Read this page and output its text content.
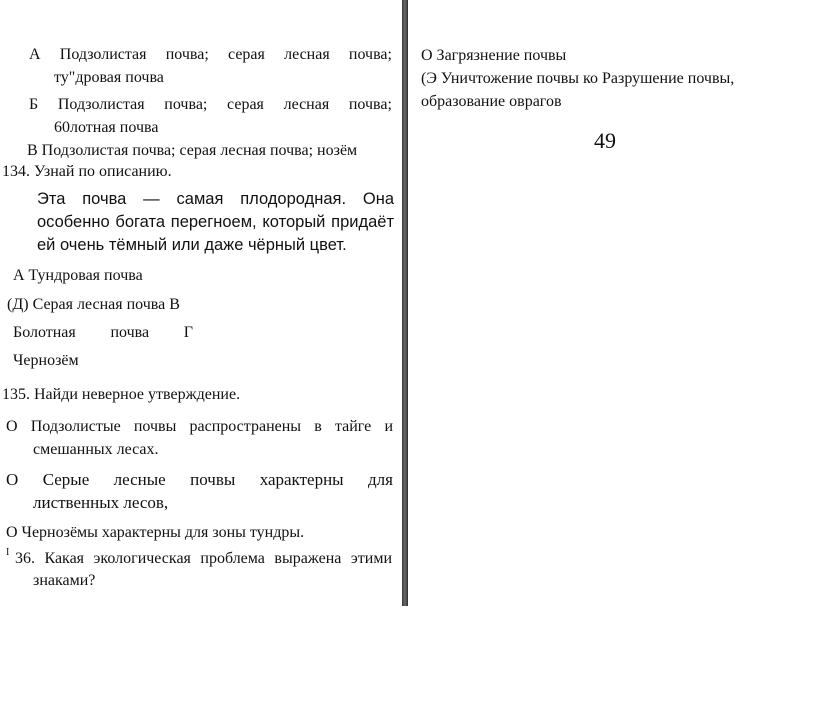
А Подзолистая почва; серая лесная почва;
ту"дровая почва
Б Подзолистая почва; серая лесная почва;
60лотная почва
В Подзолистая почва; серая лесная почва; нозём
134. Узнай по описанию.
Эта почва — самая плодородная. Она особенно богата перегноем, который придаёт ей очень тёмный или даже чёрный цвет.
А Тундровая почва
(Д) Серая лесная почва В
Болотная почва Г
Чернозём
135. Найди неверное утверждение.
О Подзолистые почвы распространены в тайге и
смешанных лесах.
О Серые лесные почвы характерны для
лиственных лесов,
О Чернозёмы характерны для зоны тундры.
I 36. Какая экологическая проблема выражена этими
знаками?
О Загрязнение почвы
(Э Уничтожение почвы ко Разрушение почвы,
образование оврагов
49
